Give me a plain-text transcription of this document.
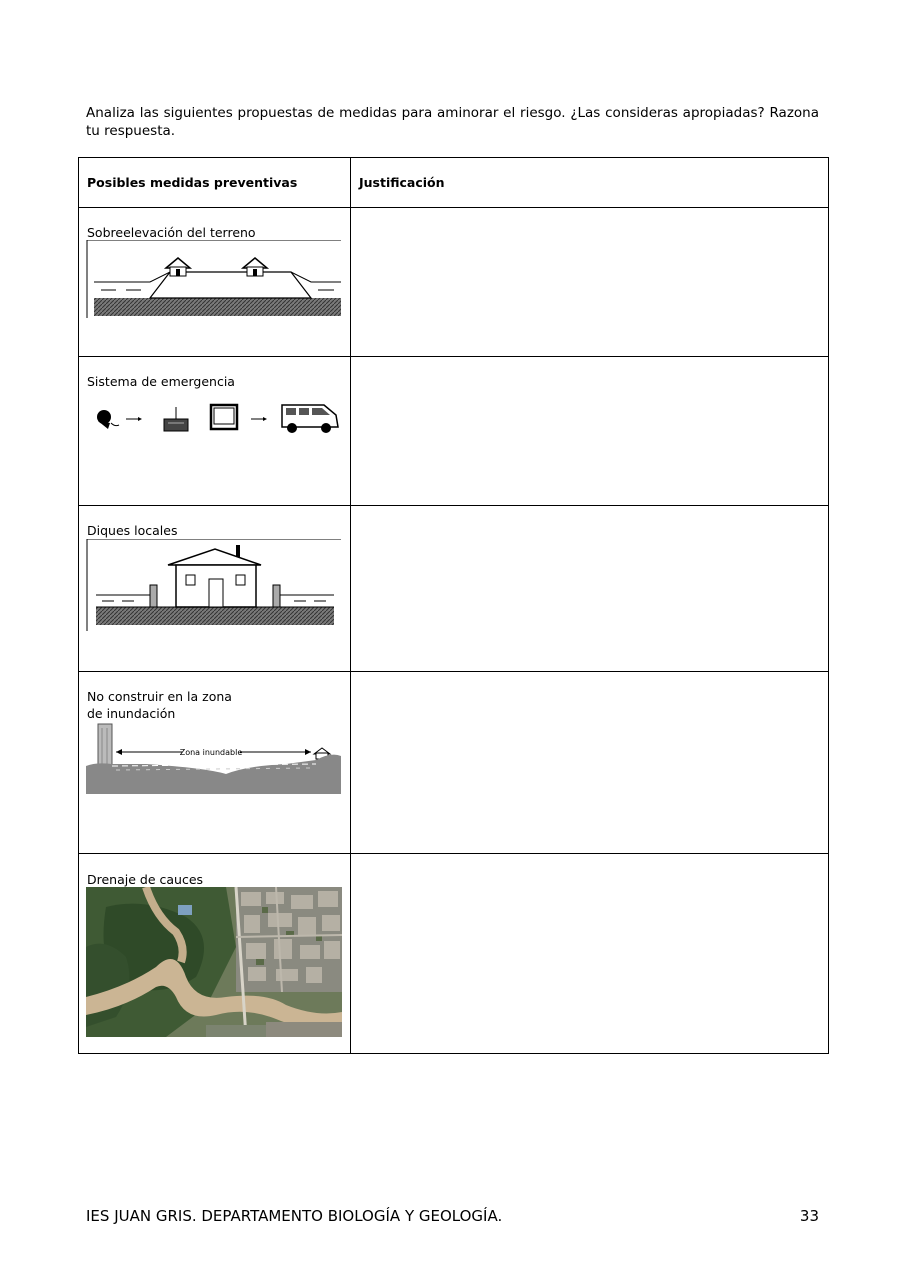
Analiza las siguientes propuestas de medidas para aminorar el riesgo. ¿Las consideras apropiadas? Razona tu respuesta.
Posibles medidas preventivas	Justificación

Sobreelevación del terreno	

Sistema de emergencia	

Diques locales	

No construir en la zona
de inundación
Zona inundable	

Drenaje de cauces	

IES JUAN GRIS. DEPARTAMENTO BIOLOGÍA Y GEOLOGÍA.	33
